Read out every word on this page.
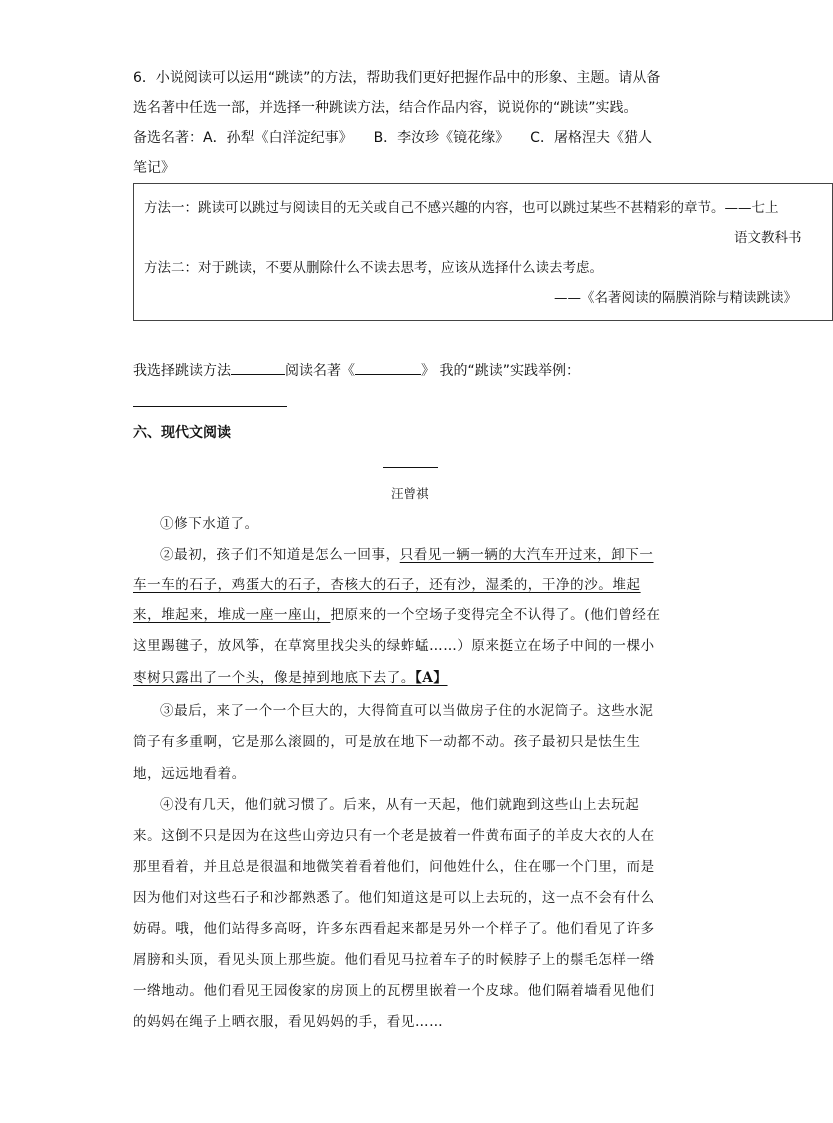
6．小说阅读可以运用“跳读”的方法，帮助我们更好把握作品中的形象、主题。请从备
选名著中任选一部，并选择一种跳读方法，结合作品内容，说说你的“跳读”实践。
备选名著：A．孙犁《白洋淀纪事》　　B．李汝珍《镜花缘》　　C．屠格涅夫《猎人
笔记》
方法一：跳读可以跳过与阅读目的无关或自己不感兴趣的内容，也可以跳过某些不甚精彩的章节。——七上
语文教科书
方法二：对于跳读，不要从删除什么不读去思考，应该从选择什么读去考虑。
——《名著阅读的隔膜消除与精读跳读》
我选择跳读方法	阅读名著《	》 我的“跳读”实践举例：
六、现代文阅读
汪曾祺
①修下水道了。
②最初，孩子们不知道是怎么一回事，只看见一辆一辆的大汽车开过来，卸下一
车一车的石子，鸡蛋大的石子，杏核大的石子，还有沙，湿柔的，干净的沙。堆起
来，堆起来，堆成一座一座山，把原来的一个空场子变得完全不认得了。(他们曾经在
这里踢毽子，放风筝，在草窝里找尖头的绿蚱蜢……）原来挺立在场子中间的一棵小
枣树只露出了一个头，像是掉到地底下去了。【A】
③最后，来了一个一个巨大的，大得简直可以当做房子住的水泥筒子。这些水泥
筒子有多重啊，它是那么滚圆的，可是放在地下一动都不动。孩子最初只是怯生生
地，远远地看着。
④没有几天，他们就习惯了。后来，从有一天起，他们就跑到这些山上去玩起
来。这倒不只是因为在这些山旁边只有一个老是披着一件黄布面子的羊皮大衣的人在
那里看着，并且总是很温和地微笑着看着他们，问他姓什么，住在哪一个门里，而是
因为他们对这些石子和沙都熟悉了。他们知道这是可以上去玩的，这一点不会有什么
妨碍。哦，他们站得多高呀，许多东西看起来都是另外一个样子了。他们看见了许多
屑膀和头顶，看见头顶上那些旋。他们看见马拉着车子的时候脖子上的鬃毛怎样一绺
一绺地动。他们看见王园俊家的房顶上的瓦楞里嵌着一个皮球。他们隔着墙看见他们
的妈妈在绳子上晒衣服，看见妈妈的手，看见……
